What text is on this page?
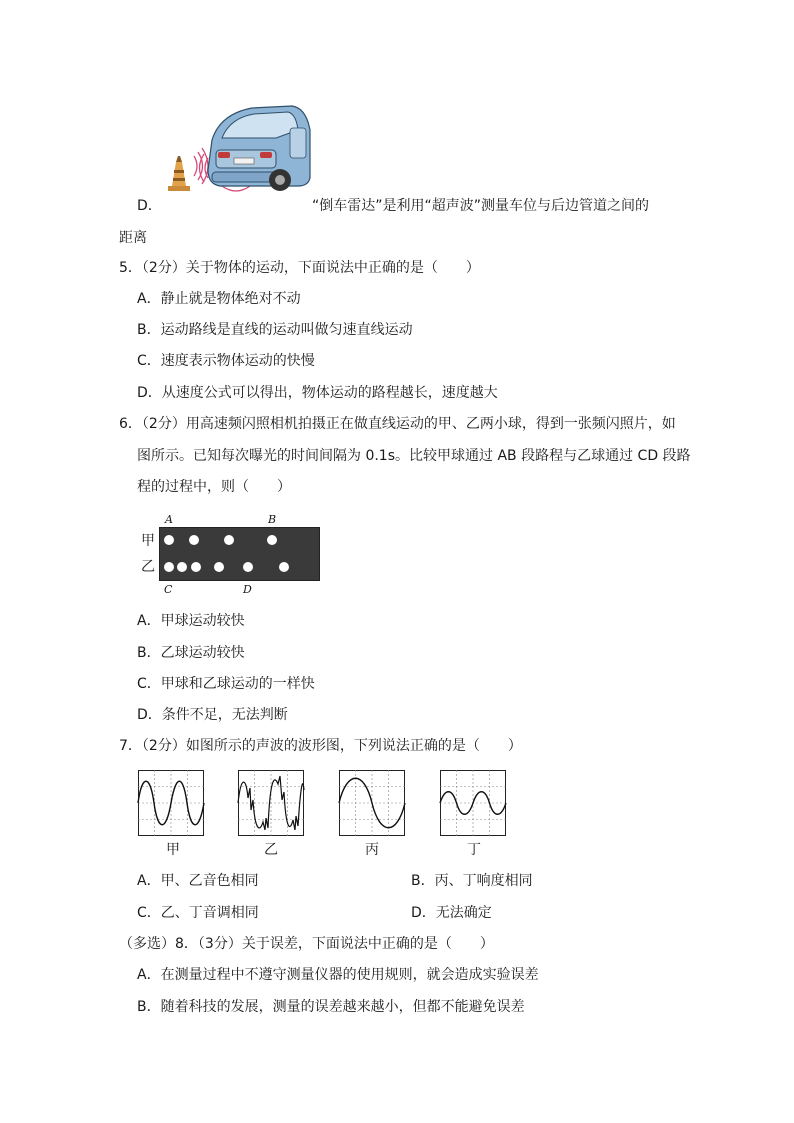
D．	“倒车雷达”是利用“超声波”测量车位与后边管道之间的
距离
5．（2分）关于物体的运动，下面说法中正确的是（　　）
A．静止就是物体绝对不动
B．运动路线是直线的运动叫做匀速直线运动
C．速度表示物体运动的快慢
D．从速度公式可以得出，物体运动的路程越长，速度越大
6．（2分）用高速频闪照相机拍摄正在做直线运动的甲、乙两小球，得到一张频闪照片，如
图所示。已知每次曝光的时间间隔为 0.1s。比较甲球通过 AB 段路程与乙球通过 CD 段路
程的过程中，则（　　）
A	B
甲
乙
C	D
A．甲球运动较快
B．乙球运动较快
C．甲球和乙球运动的一样快
D．条件不足，无法判断
7．（2分）如图所示的声波的波形图，下列说法正确的是（　　）
甲	乙	丙	丁
A．甲、乙音色相同	B．丙、丁响度相同
C．乙、丁音调相同	D．无法确定
（多选）8．（3分）关于误差，下面说法中正确的是（　　）
A．在测量过程中不遵守测量仪器的使用规则，就会造成实验误差
B．随着科技的发展，测量的误差越来越小，但都不能避免误差
